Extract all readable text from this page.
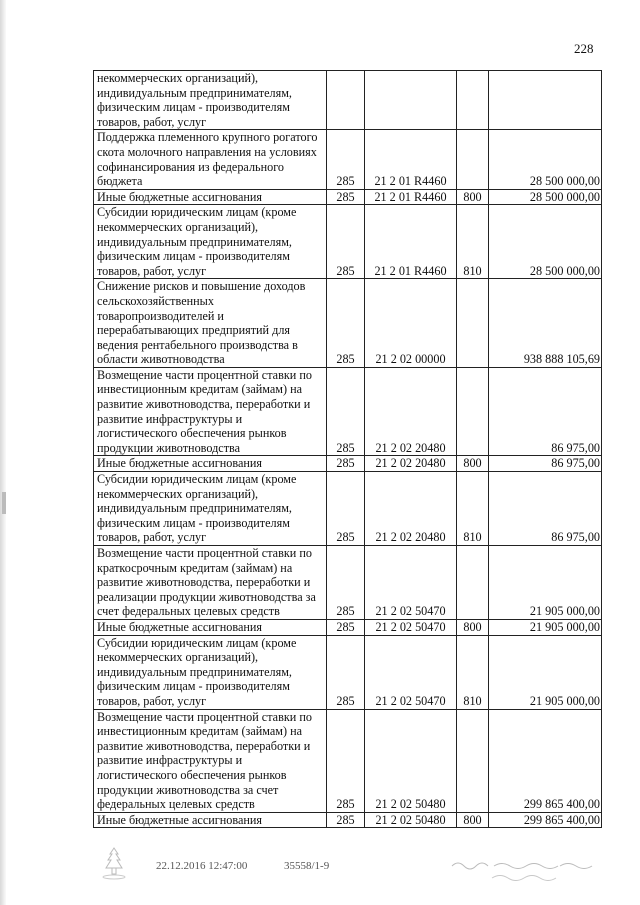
228
некоммерческих организаций), индивидуальным предпринимателям, физическим лицам - производителям товаров, работ, услуг				
Поддержка племенного крупного рогатого скота молочного направления на условиях софинансирования из федерального бюджета	285	21 2 01 R4460		28 500 000,00
Иные бюджетные ассигнования	285	21 2 01 R4460	800	28 500 000,00
Субсидии юридическим лицам (кроме некоммерческих организаций), индивидуальным предпринимателям, физическим лицам - производителям товаров, работ, услуг	285	21 2 01 R4460	810	28 500 000,00
Снижение рисков и повышение доходов сельскохозяйственных товаропроизводителей и перерабатывающих предприятий для ведения рентабельного производства в области животноводства	285	21 2 02 00000		938 888 105,69
Возмещение части процентной ставки по инвестиционным кредитам (займам) на развитие животноводства, переработки и развитие инфраструктуры и логистического обеспечения рынков продукции животноводства	285	21 2 02 20480		86 975,00
Иные бюджетные ассигнования	285	21 2 02 20480	800	86 975,00
Субсидии юридическим лицам (кроме некоммерческих организаций), индивидуальным предпринимателям, физическим лицам - производителям товаров, работ, услуг	285	21 2 02 20480	810	86 975,00
Возмещение части процентной ставки по краткосрочным кредитам (займам) на развитие животноводства, переработки и реализации продукции животноводства за счет федеральных целевых средств	285	21 2 02 50470		21 905 000,00
Иные бюджетные ассигнования	285	21 2 02 50470	800	21 905 000,00
Субсидии юридическим лицам (кроме некоммерческих организаций), индивидуальным предпринимателям, физическим лицам - производителям товаров, работ, услуг	285	21 2 02 50470	810	21 905 000,00
Возмещение части процентной ставки по инвестиционным кредитам (займам) на развитие животноводства, переработки и развитие инфраструктуры и логистического обеспечения рынков продукции животноводства за счет федеральных целевых средств	285	21 2 02 50480		299 865 400,00
Иные бюджетные ассигнования	285	21 2 02 50480	800	299 865 400,00
22.12.2016 12:47:00	35558/1-9
